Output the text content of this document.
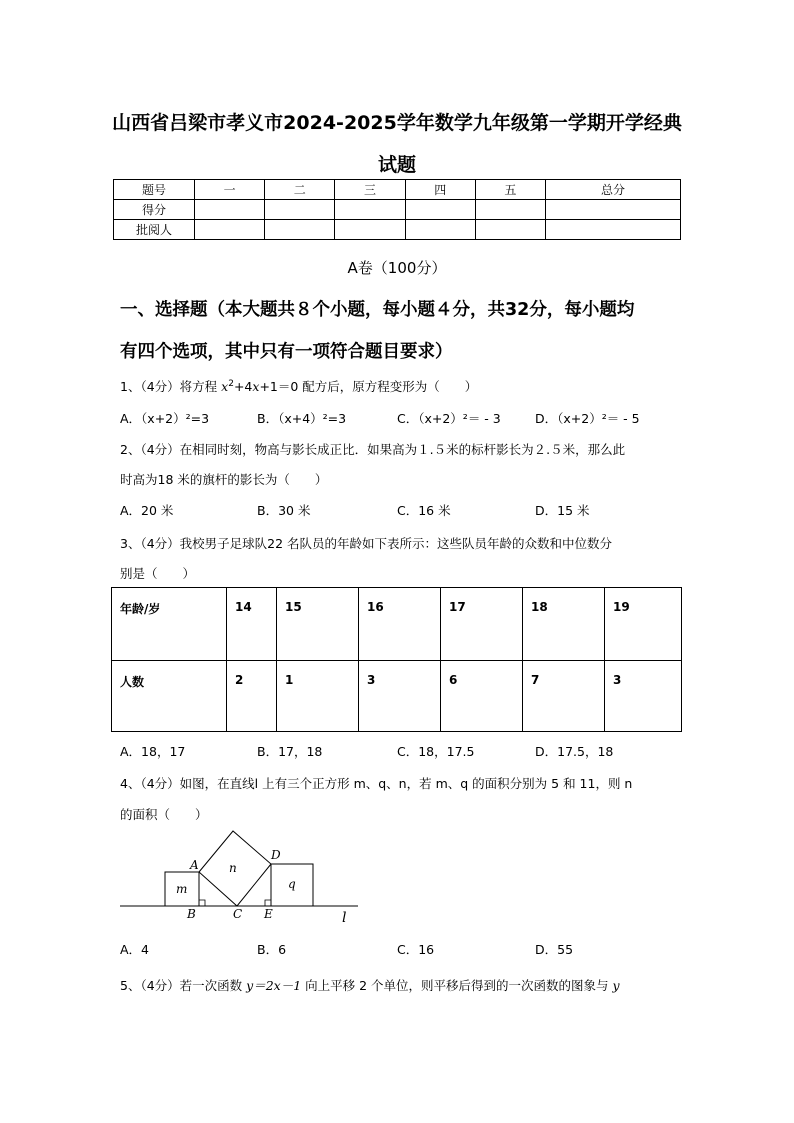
山西省吕梁市孝义市2024-2025学年数学九年级第一学期开学经典
试题
题号	一	二	三	四	五	总分
得分						
批阅人						
A卷（100分）
一、选择题（本大题共８个小题，每小题４分，共32分，每小题均
有四个选项，其中只有一项符合题目要求）
1、（4分）将方程 $x^2+4x+1=0$ 配方后，原方程变形为（　　）
A．（x+2）²=3	B．（x+4）²=3	C．（x+2）²＝ - 3	D．（x+2）²＝ - 5
2、（4分）在相同时刻，物高与影长成正比．如果高为１.５米的标杆影长为２.５米，那么此
时高为18 米的旗杆的影长为（　　）
A．20 米	B．30 米	C．16 米	D．15 米
3、（4分）我校男子足球队22 名队员的年龄如下表所示：这些队员年龄的众数和中位数分
别是（　　）
年龄/岁	14	15	16	17	18	19
人数	2	1	3	6	7	3
A．18，17	B．17，18	C．18，17.5	D．17.5，18
4、（4分）如图，在直线l 上有三个正方形 m、q、n，若 m、q 的面积分别为 5 和 11，则 n
的面积（　　）
m
n
q
A
B	C
D
E	l
A．4	B．6	C．16	D．55
5、（4分）若一次函数 y＝2x－1 向上平移 2 个单位，则平移后得到的一次函数的图象与 y
